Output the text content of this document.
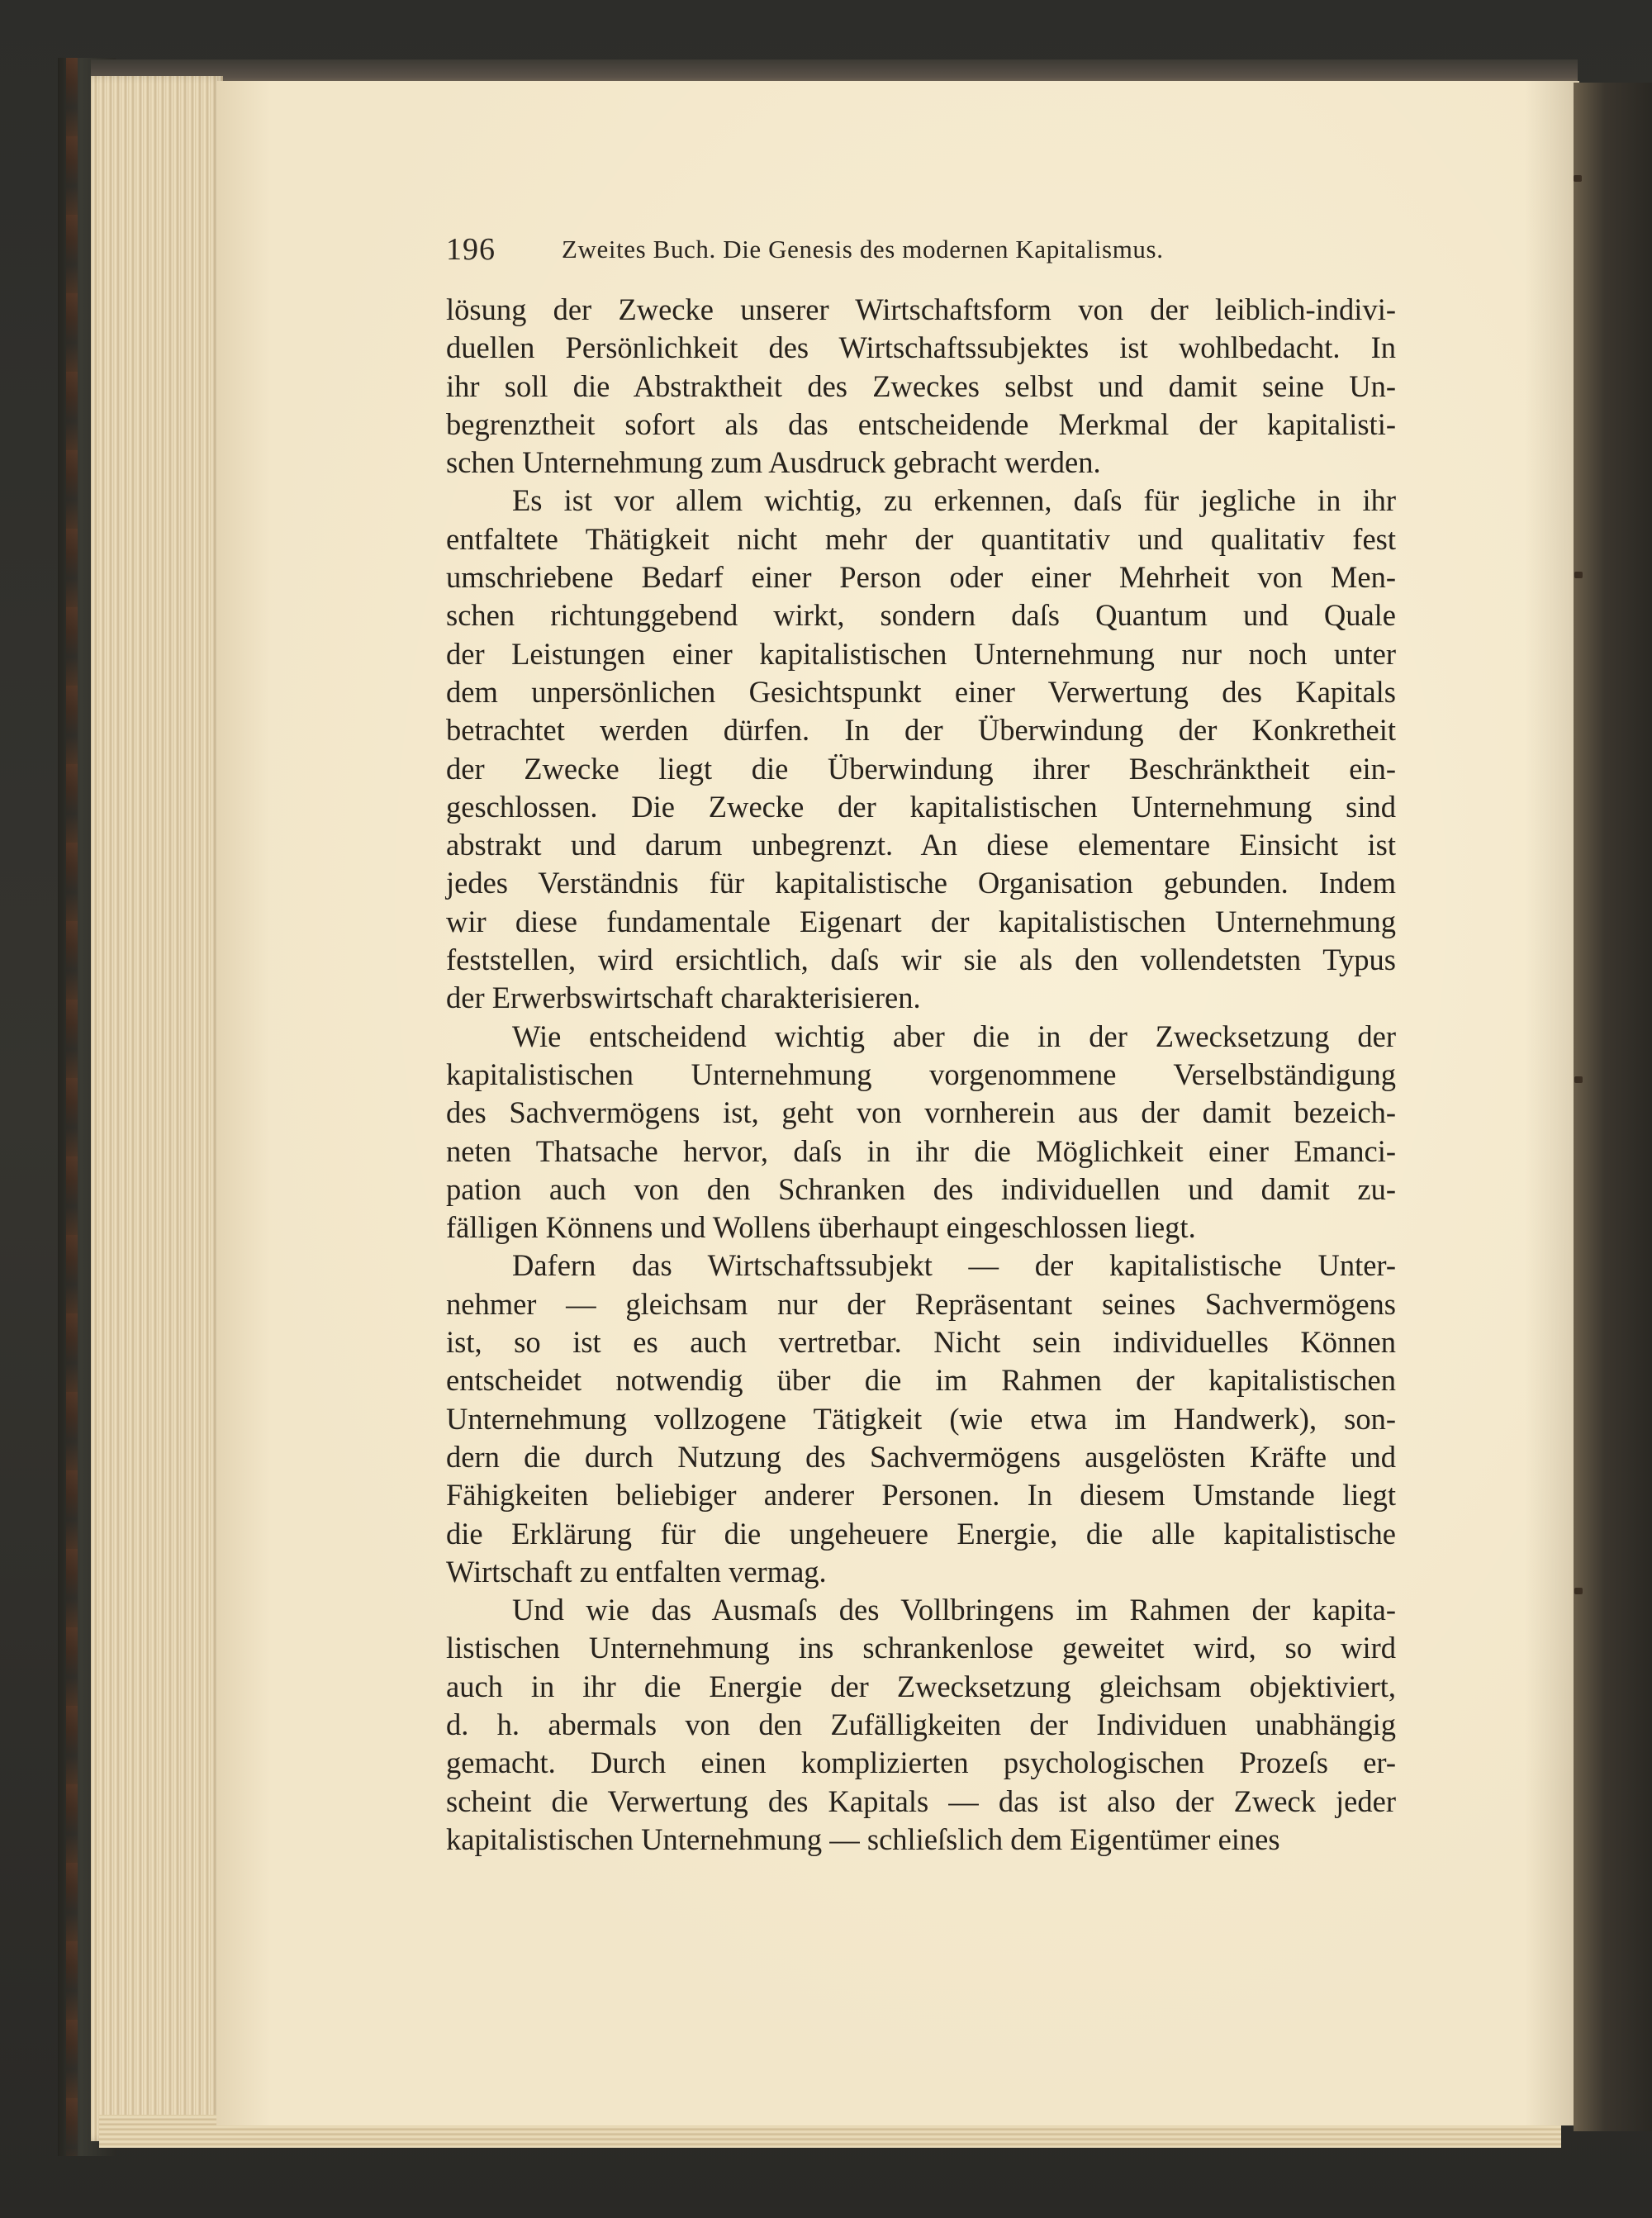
196	Zweites Buch. Die Genesis des modernen Kapitalismus.
lösung der Zwecke unserer Wirtschaftsform von der leiblich-indivi-
duellen Persönlichkeit des Wirtschaftssubjektes ist wohlbedacht. In
ihr soll die Abstraktheit des Zweckes selbst und damit seine Un-
begrenztheit sofort als das entscheidende Merkmal der kapitalisti-
schen Unternehmung zum Ausdruck gebracht werden.
Es ist vor allem wichtig, zu erkennen, daſs für jegliche in ihr
entfaltete Thätigkeit nicht mehr der quantitativ und qualitativ fest
umschriebene Bedarf einer Person oder einer Mehrheit von Men-
schen richtunggebend wirkt, sondern daſs Quantum und Quale
der Leistungen einer kapitalistischen Unternehmung nur noch unter
dem unpersönlichen Gesichtspunkt einer Verwertung des Kapitals
betrachtet werden dürfen. In der Überwindung der Konkretheit
der Zwecke liegt die Überwindung ihrer Beschränktheit ein-
geschlossen. Die Zwecke der kapitalistischen Unternehmung sind
abstrakt und darum unbegrenzt. An diese elementare Einsicht ist
jedes Verständnis für kapitalistische Organisation gebunden. Indem
wir diese fundamentale Eigenart der kapitalistischen Unternehmung
feststellen, wird ersichtlich, daſs wir sie als den vollendetsten Typus
der Erwerbswirtschaft charakterisieren.
Wie entscheidend wichtig aber die in der Zwecksetzung der
kapitalistischen Unternehmung vorgenommene Verselbständigung
des Sachvermögens ist, geht von vornherein aus der damit bezeich-
neten Thatsache hervor, daſs in ihr die Möglichkeit einer Emanci-
pation auch von den Schranken des individuellen und damit zu-
fälligen Könnens und Wollens überhaupt eingeschlossen liegt.
Dafern das Wirtschaftssubjekt — der kapitalistische Unter-
nehmer — gleichsam nur der Repräsentant seines Sachvermögens
ist, so ist es auch vertretbar. Nicht sein individuelles Können
entscheidet notwendig über die im Rahmen der kapitalistischen
Unternehmung vollzogene Tätigkeit (wie etwa im Handwerk), son-
dern die durch Nutzung des Sachvermögens ausgelösten Kräfte und
Fähigkeiten beliebiger anderer Personen. In diesem Umstande liegt
die Erklärung für die ungeheuere Energie, die alle kapitalistische
Wirtschaft zu entfalten vermag.
Und wie das Ausmaſs des Vollbringens im Rahmen der kapita-
listischen Unternehmung ins schrankenlose geweitet wird, so wird
auch in ihr die Energie der Zwecksetzung gleichsam objektiviert,
d. h. abermals von den Zufälligkeiten der Individuen unabhängig
gemacht. Durch einen komplizierten psychologischen Prozeſs er-
scheint die Verwertung des Kapitals — das ist also der Zweck jeder
kapitalistischen Unternehmung — schlieſslich dem Eigentümer eines
